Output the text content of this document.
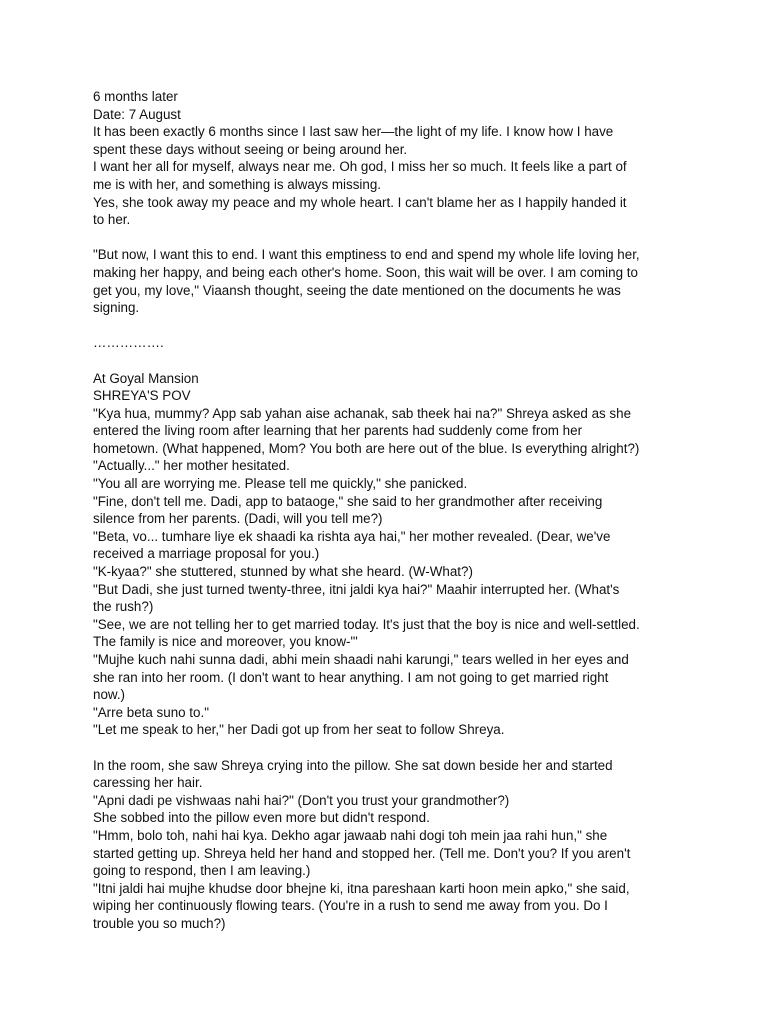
6 months later
Date: 7 August
It has been exactly 6 months since I last saw her—the light of my life. I know how I have
spent these days without seeing or being around her.
I want her all for myself, always near me. Oh god, I miss her so much. It feels like a part of
me is with her, and something is always missing.
Yes, she took away my peace and my whole heart. I can't blame her as I happily handed it
to her.
"But now, I want this to end. I want this emptiness to end and spend my whole life loving her,
making her happy, and being each other's home. Soon, this wait will be over. I am coming to
get you, my love," Viaansh thought, seeing the date mentioned on the documents he was
signing.
…………….
At Goyal Mansion
SHREYA'S POV
"Kya hua, mummy? App sab yahan aise achanak, sab theek hai na?" Shreya asked as she
entered the living room after learning that her parents had suddenly come from her
hometown. (What happened, Mom? You both are here out of the blue. Is everything alright?)
"Actually..." her mother hesitated.
"You all are worrying me. Please tell me quickly," she panicked.
"Fine, don't tell me. Dadi, app to bataoge," she said to her grandmother after receiving
silence from her parents. (Dadi, will you tell me?)
"Beta, vo... tumhare liye ek shaadi ka rishta aya hai," her mother revealed. (Dear, we've
received a marriage proposal for you.)
"K-kyaa?" she stuttered, stunned by what she heard. (W-What?)
"But Dadi, she just turned twenty-three, itni jaldi kya hai?" Maahir interrupted her. (What's
the rush?)
"See, we are not telling her to get married today. It's just that the boy is nice and well-settled.
The family is nice and moreover, you know-"'
"Mujhe kuch nahi sunna dadi, abhi mein shaadi nahi karungi," tears welled in her eyes and
she ran into her room. (I don't want to hear anything. I am not going to get married right
now.)
"Arre beta suno to."
"Let me speak to her," her Dadi got up from her seat to follow Shreya.
In the room, she saw Shreya crying into the pillow. She sat down beside her and started
caressing her hair.
"Apni dadi pe vishwaas nahi hai?" (Don't you trust your grandmother?)
She sobbed into the pillow even more but didn't respond.
"Hmm, bolo toh, nahi hai kya. Dekho agar jawaab nahi dogi toh mein jaa rahi hun," she
started getting up. Shreya held her hand and stopped her. (Tell me. Don't you? If you aren't
going to respond, then I am leaving.)
"Itni jaldi hai mujhe khudse door bhejne ki, itna pareshaan karti hoon mein apko," she said,
wiping her continuously flowing tears. (You're in a rush to send me away from you. Do I
trouble you so much?)
